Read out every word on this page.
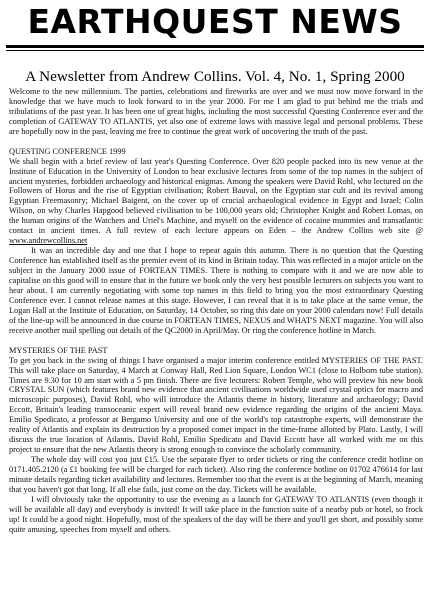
EARTHQUEST NEWS
A Newsletter from Andrew Collins. Vol. 4, No. 1, Spring 2000

Welcome to the new millennium. The parties, celebrations and fireworks are over and we must now move forward in the knowledge that we have much to look forward to in the year 2000. For me I am glad to put behind me the trials and tribulations of the past year. It has been one of great highs, including the most successful Questing Conference ever and the completion of GATEWAY TO ATLANTIS, yet also one of extreme lows with massive legal and personal problems. These are hopefully now in the past, leaving me free to continue the great work of uncovering the truth of the past.

QUESTING CONFERENCE 1999

We shall begin with a brief review of last year's Questing Conference. Over 820 people packed into its new venue at the Institute of Education in the University of London to hear exclusive lectures from some of the top names in the subject of ancient mysteries, forbidden archaeology and historical enigmas. Among the speakers were David Rohl, who lectured on the Followers of Horus and the rise of Egyptian civilisation; Robert Bauval, on the Egyptian star cult and its revival among Egyptian Freemasonry; Michael Baigent, on the cover up of crucial archaeological evidence in Egypt and Israel; Colin Wilson, on why Charles Hapgood believed civilisation to be 100,000 years old; Christopher Knight and Robert Lomas, on the human origins of the Watchers and Uriel's Machine, and myself on the evidence of cocaine mummies and transatlantic contact in ancient times. A full review of each lecture appears on Eden – the Andrew Collins web site @ www.andrewcollins.net

It was an incredible day and one that I hope to repeat again this autumn. There is no question that the Questing Conference has established itself as the premier event of its kind in Britain today. This was reflected in a major article on the subject in the January 2000 issue of FORTEAN TIMES. There is nothing to compare with it and we are now able to capitalise on this good will to ensure that in the future we book only the very best possible lecturers on subjects you want to hear about. I am currently negotiating with some top names in this field to bring you the most extraordinary Questing Conference ever. I cannot release names at this stage. However, I can reveal that it is to take place at the same venue, the Logan Hall at the Institute of Education, on Saturday, 14 October, so ring this date on your 2000 calendars now! Full details of the line-up will be announced in due course in FORTEAN TIMES, NEXUS and WHAT'S NEXT magazine. You will also receive another mail spelling out details of the QC2000 in April/May. Or ring the conference hotline in March.

MYSTERIES OF THE PAST

To get you back in the swing of things I have organised a major interim conference entitled MYSTERIES OF THE PAST. This will take place on Saturday, 4 March at Conway Hall, Red Lion Square, London WC1 (close to Holborn tube station). Times are 9.30 for 10 am start with a 5 pm finish. There are five lecturers: Robert Temple, who will preview his new book CRYSTAL SUN (which features brand new evidence that ancient civilisations worldwide used crystal optics for macro and microscopic purposes), David Rohl, who will introduce the Atlantis theme in history, literature and archaeology; David Eccott, Britain's leading transoceanic expert will reveal brand new evidence regarding the origins of the ancient Maya. Emilio Spedicato, a professor at Bergamo University and one of the world's top catastrophe experts, will demonstrate the reality of Atlantis and explain its destruction by a proposed comet impact in the time-frame allotted by Plato. Lastly, I will discuss the true location of Atlantis. David Rohl, Emilio Spedicato and David Eccott have all worked with me on this project to ensure that the new Atlantis theory is strong enough to convince the scholarly community.

The whole day will cost you just £15. Use the separate flyer to order tickets or ring the conference credit hotline on 0171.405.2120 (a £1 booking fee will be charged for each ticket). Also ring the conference hotline on 01702 476614 for last minute details regarding ticket availability and lectures. Remember too that the event is at the beginning of March, meaning that you haven't got that long. If all else fails, just come on the day. Tickets will be available.

I will obviously take the opportunity to use the evening as a launch for GATEWAY TO ATLANTIS (even though it will be available all day) and everybody is invited! It will take place in the function suite of a nearby pub or hotel, so frock up! It could be a good night. Hopefully, most of the speakers of the day will be there and you'll get short, and possibly some quite amusing, speeches from myself and others.
